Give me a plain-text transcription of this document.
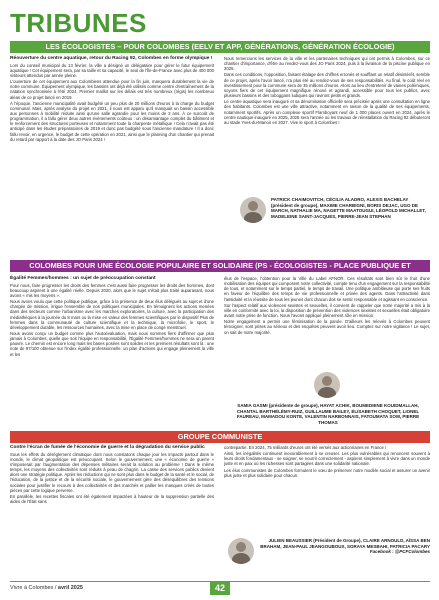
TRIBUNES
LES ÉCOLOGISTES – POUR COLOMBES (EELV ET APP, GÉNÉRATIONS, GÉNÉRATION ÉCOLOGIE)

Réouverture du centre aquatique, retour du Racing 92, Colombes en forme olympique !

Lors du conseil municipal du 13 février, la ville a désigné un délégataire pour gérer le futur équipement aquatique ! Cet équipement sera, par sa taille et sa capacité, le seul de l'Île-de-France avec plus de 400 000 visiteurs attendus par année pleine.

L'ouverture de cet équipement aux Colombiens attendue pour la fin juin, marquera durablement la vie de notre commune. Équipement olympique, les bassins ont déjà été utilisés comme centre d'entraînement de la natation synchronisée à l'été 2024. Premier maillot sur les délais est très nombreux (régis) les nombreux aléas de ce projet lancé en 2019.

À l'époque, l'ancienne municipalité avait budgété un peu plus de 20 millions d'euros à la charge du budget communal. Mais, après analyse du projet en 2021, il nous est apparu qu'il manquait un bassin accessible aux personnes à mobilité réduite ainsi qu'une salle agrandie pour les moins de 3 ans. À ce surcoût de programmation, il a fallu gérer deux autres évènements coûteux : un désamiantage complet du bâtiment et le renforcement des structures porteuses et notamment toute la charpente métallique ! Cela n'avait pas été anticipé dans les études préparatoires de 2019 et donc pas budgété sous l'ancienne mandature ! Il a donc fallu revoir, en urgence, le budget de cette opération en 2021, ainsi que le planning d'un chantier qui prenait du retard par rapport à la date des JO Paris 2024 !

Nous remercions les services de la ville et les partenaires techniques qui ont permis à Colombes, sur ce chantier d'importance, d'être au rendez-vous des JO Paris 2024, puis à la livraison de la piscine publique en 2025.

Dans ces conditions, l'opposition, faisant étalage des chiffres erronés et soufflant un relatif désintérêt, semble de ce projet, après l'avoir lancé, n'a plus été au rendez-vous de ses responsabilités. Au final, le coût réel en investissement pour la commune sera de 35 millions d'euros. Alors au lieu d'entretenir de vaines polémiques, soyons fiers de cet équipement magnifique rénové et agrandi, accessible pour tous les publics, avec plusieurs bassins et des toboggans ludiques qui raviront petits et grands.

Le centre aquatique sera inauguré et sa dénomination officielle sera précisée après une consultation en ligne des habitants. Colombes est une ville attractive, notamment en raison de la qualité de ses équipements, notamment sportifs. Après un complexe sportif Flamboyant neuf de 1 000 places ouvert en 2024, après le centre nautique inauguré en 2025, 2026 sera l'année où les travaux de réinstallation du Racing 92 débuteront au stade Yves-du-Manoir en 2027. Vive le sport à Colombes !

PATRICK CHAIMOVITCH, CÉCILIA ALADRO, ALEXIS BACHELAY (président de groupe), MAXIME CHARBIGNI, BORIS DEJAC, UGO DE MARCH, NATHALIE MA, NAGETTE MAATOUGUI, LÉOPOLD MICHALLET, MADELEINE SAINT-JACQUES, PIERRE-JEAN STEPHAN
COLOMBES POUR UNE ÉCOLOGIE POPULAIRE ET SOLIDAIRE (PS - ÉCOLOGISTES - PLACE PUBLIQUE ET CITOYENS)

Égalité Femmes/hommes : un sujet de préoccupation constant

Pour nous, faire progresser les droits des femmes c'est aussi faire progresser les droits des hommes, dont beaucoup aspirent à une égalité réelle. Depuis 2020, alors que le sujet n'était plus traité auparavant, nous avons « mis les moyens ».

Nous avons voulu que cette politique publique, grâce à la présence de deux élus délégués au sujet et d'une chargée de mission, irrigue l'ensemble de nos politiques municipales. En témoignent les actions menées dans des secteurs comme l'urbanisme avec les marches exploratoires, la culture, avec la participation des médiathèques à la journée du 8 mars ou la mise en valeur des femmes scientifiques par le dispositif Plus de femmes dans la communauté de culture scientifique et la technique, la microfolie, le sport, le développement durable, les ressources humaines, avec la mise en place de congé menstruel.

Nous avons conçu un budget comme plus l'autoévaluation, mais nous sommes fiers d'affirmer que plus jamais à Colombes, quelle que soit l'équipe en responsabilité, l'Égalité Femmes/hommes ne sera un parent pauvre. Le chemin est encore long mais les bases posées sont solides et les premiers résultats sont là : une note de 97/100 obtenue sur l'index égalité professionnelle, un plan d'actions qui engage pleinement la ville et les

élus de l'espace, l'obtention pour la Ville du Label AFNOR. Ces résultats sont bien sûr le fruit d'une mobilisation des équipes qui composent notre collectivité, compte tenu d'un engagement sur la responsabilité de tous, et notamment sur le temps partiel, le temps de travail. Une politique ambitieuse qui porte ses fruits en faveur de l'équilibre des temps de vie professionnelle et privée des agents. Dans l'attractivité dans l'assiduité et la réussite de tous les jeunes dont chacun doit se sentir responsable et agissant en conscience.

Sur l'aspect relatif aux violences sexistes et sexuelles, il convient de rappeler que notre majorité a mis à la ville en conformité avec la loi, la disposition de prévention des violences sexistes et sexuelles était obligatoire avant notre prise de fonction. Nous l'avons appliqué pleinement rôle en mission.

Notre engagement a permis une féminisation de la parole. D'ailleurs les relevés à Colombes peuvent témoigner, sont prises au sérieux et des enquêtes peuvent avoir lieu. Comptez sur notre vigilance ! Le sujet, on sait de notre majorité.

SAMIA GASMI (présidente de groupe), HAYAT ACHIK, BOUMEDIENE KOUIDMALLAH, CHANTAL BARTHÉLÉMY-RUIZ, GUILLAUME BAILEY, ÉLISABETH CHOQUET, LIONEL FAUREAU, MAMADOU KONTE, VALENTIN NARBONNAIS, FATOUMATA SOW, PIERRE THOMAS
GROUPE COMMUNISTE

Contre l'écran de fumée de l'économie de guerre et la dégradation du service public

Sous les effets du dérèglement climatique dont nous constatons chaque jour les impacts partout dans le monde, le climat géopolitique est préoccupant. Selon le gouvernement, une « économie de guerre » s'imposerait par l'augmentation des dépenses militaires serait la solution au problème ! Dans le même temps, les moyens des collectivités sont réduits à peau de chagrin. La casse des services publics devient alors une stratégie politique. Après les réductions qui ne sont plus dans le budget de la santé et le social, de l'éducation, de la justice et de la sécurité sociale, le gouvernement gère des déséquilibres des tensions sociales pour justifier le recours à des collectivités et des marchés et pallier les manques créés de toutes pièces par cette logique perverse.

En parallèle, les recettes fiscales ont été également impactées à hauteur de la suppression partielle des aides de l'État sans

contrepartie. En 2024, 75 milliards d'euros ont été versés aux actionnaires en France !

Ainsi, les inégalités continuent inexorablement à se creuser. Les plus vulnérables qui renoncent souvent à leurs droits fondamentaux - se soigner, se nourrir correctement - aspirent simplement à vivre dans un monde juste et en paix où les richesses sont partagées dans une solidarité nationale.

Les élus communistes de Colombes formulent le vœu de préserver notre modèle social et assurer un avenir plus juste et plus solidaire pour chacun.

JULIEN BEAUSSIER (Président de Groupe), CLAIRE ARNOULD, AÏSSA BEN BRAHAM, JEAN-PAUL JEANGOUBOUX, SORAYA MESBAHI, PATRICIA PACARY
Facebook : @PCFColombes
Vivre à Colombes / avril 2025	42
